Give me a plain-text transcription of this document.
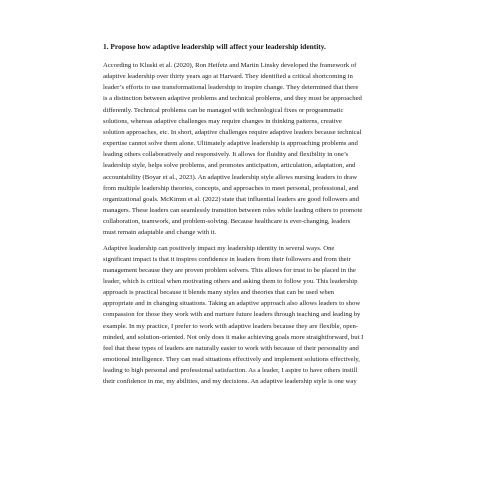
1. Propose how adaptive leadership will affect your leadership identity.

According to Kluski et al. (2020), Ron Heifetz and Martin Linsky developed the framework of
adaptive leadership over thirty years ago at Harvard. They identified a critical shortcoming in
leader’s efforts to use transformational leadership to inspire change. They determined that there
is a distinction between adaptive problems and technical problems, and they must be approached
differently. Technical problems can be managed with technological fixes or programmatic
solutions, whereas adaptive challenges may require changes in thinking patterns, creative
solution approaches, etc. In short, adaptive challenges require adaptive leaders because technical
expertise cannot solve them alone. Ultimately adaptive leadership is approaching problems and
leading others collaboratively and responsively. It allows for fluidity and flexibility in one’s
leadership style, helps solve problems, and promotes anticipation, articulation, adaptation, and
accountability (Boyar et al., 2023). An adaptive leadership style allows nursing leaders to draw
from multiple leadership theories, concepts, and approaches to meet personal, professional, and
organizational goals. McKimm et al. (2022) state that influential leaders are good followers and
managers. These leaders can seamlessly transition between roles while leading others to promote
collaboration, teamwork, and problem-solving. Because healthcare is ever-changing, leaders
must remain adaptable and change with it.

Adaptive leadership can positively impact my leadership identity in several ways. One
significant impact is that it inspires confidence in leaders from their followers and from their
management because they are proven problem solvers. This allows for trust to be placed in the
leader, which is critical when motivating others and asking them to follow you. This leadership
approach is practical because it blends many styles and theories that can be used when
appropriate and in changing situations. Taking an adaptive approach also allows leaders to show
compassion for those they work with and nurture future leaders through teaching and leading by
example. In my practice, I prefer to work with adaptive leaders because they are flexible, open-
minded, and solution-oriented. Not only does it make achieving goals more straightforward, but I
feel that these types of leaders are naturally easier to work with because of their personality and
emotional intelligence. They can read situations effectively and implement solutions effectively,
leading to high personal and professional satisfaction. As a leader, I aspire to have others instill
their confidence in me, my abilities, and my decisions. An adaptive leadership style is one way
